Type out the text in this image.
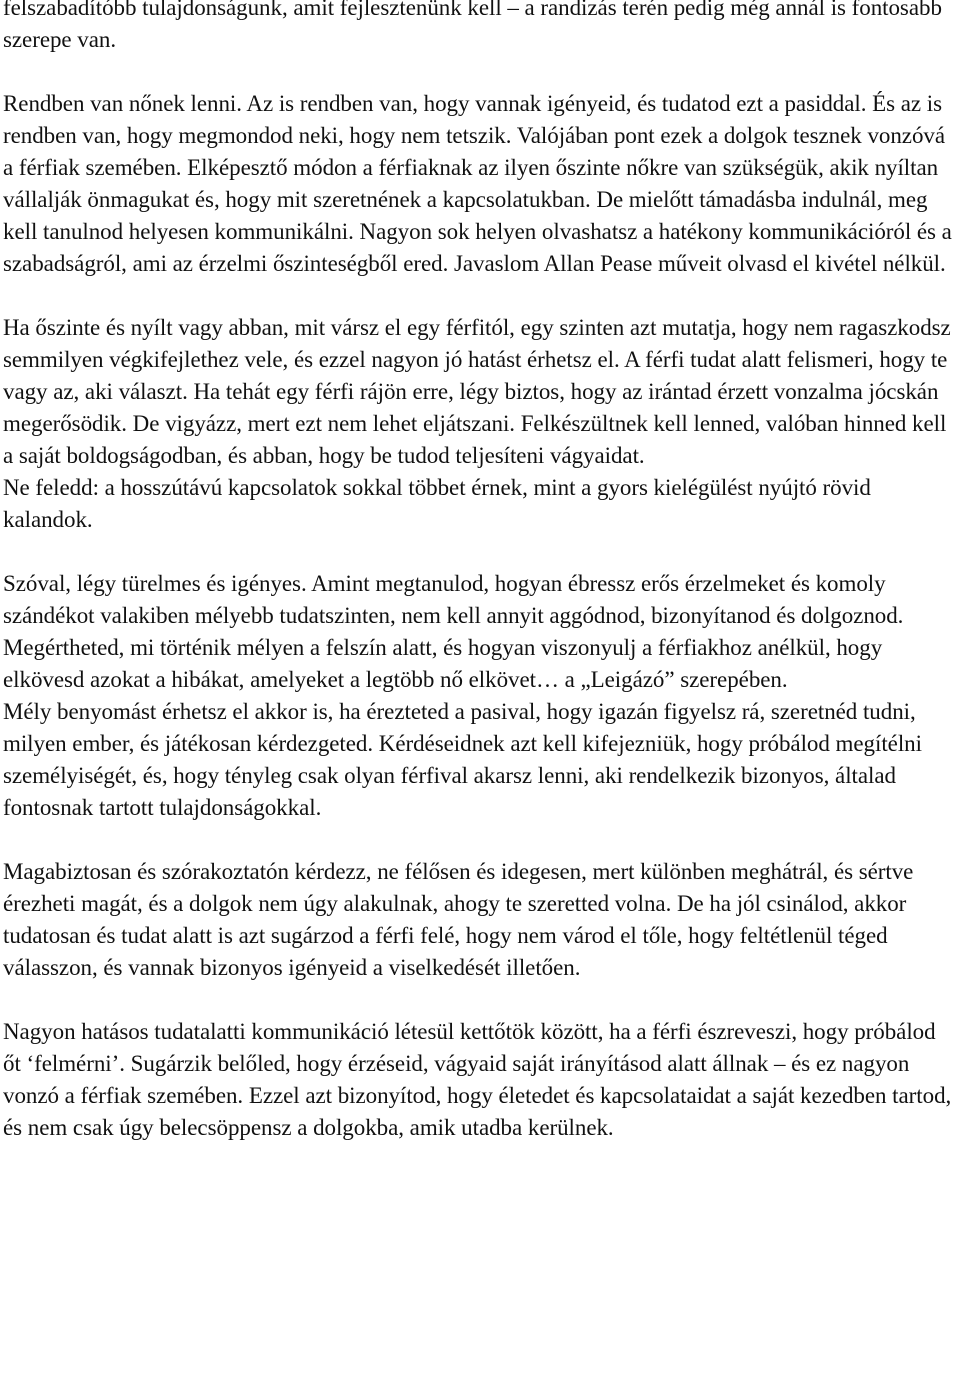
felszabadítóbb tulajdonságunk, amit fejlesztenünk kell – a randizás terén pedig még annál is fontosabb szerepe van.

Rendben van nőnek lenni. Az is rendben van, hogy vannak igényeid, és tudatod ezt a pasiddal. És az is rendben van, hogy megmondod neki, hogy nem tetszik. Valójában pont ezek a dolgok tesznek vonzóvá a férfiak szemében. Elképesztő módon a férfiaknak az ilyen őszinte nőkre van szükségük, akik nyíltan vállalják önmagukat és, hogy mit szeretnének a kapcsolatukban. De mielőtt támadásba indulnál, meg kell tanulnod helyesen kommunikálni. Nagyon sok helyen olvashatsz a hatékony kommunikációról és a szabadságról, ami az érzelmi őszinteségből ered. Javaslom Allan Pease műveit olvasd el kivétel nélkül.

Ha őszinte és nyílt vagy abban, mit vársz el egy férfitól, egy szinten azt mutatja, hogy nem ragaszkodsz semmilyen végkifejlethez vele, és ezzel nagyon jó hatást érhetsz el. A férfi tudat alatt felismeri, hogy te vagy az, aki választ. Ha tehát egy férfi rájön erre, légy biztos, hogy az irántad érzett vonzalma jócskán megerősödik. De vigyázz, mert ezt nem lehet eljátszani. Felkészültnek kell lenned, valóban hinned kell a saját boldogságodban, és abban, hogy be tudod teljesíteni vágyaidat.

Ne feledd: a hosszútávú kapcsolatok sokkal többet érnek, mint a gyors kielégülést nyújtó rövid kalandok.

Szóval, légy türelmes és igényes. Amint megtanulod, hogyan ébressz erős érzelmeket és komoly szándékot valakiben mélyebb tudatszinten, nem kell annyit aggódnod, bizonyítanod és dolgoznod. Megértheted, mi történik mélyen a felszín alatt, és hogyan viszonyulj a férfiakhoz anélkül, hogy elkövesd azokat a hibákat, amelyeket a legtöbb nő elkövet… a „Leigázó” szerepében.

Mély benyomást érhetsz el akkor is, ha érezteted a pasival, hogy igazán figyelsz rá, szeretnéd tudni, milyen ember, és játékosan kérdezgeted. Kérdéseidnek azt kell kifejezniük, hogy próbálod megítélni személyiségét, és, hogy tényleg csak olyan férfival akarsz lenni, aki rendelkezik bizonyos, általad fontosnak tartott tulajdonságokkal.

Magabiztosan és szórakoztatón kérdezz, ne félősen és idegesen, mert különben meghátrál, és sértve érezheti magát, és a dolgok nem úgy alakulnak, ahogy te szeretted volna. De ha jól csinálod, akkor tudatosan és tudat alatt is azt sugárzod a férfi felé, hogy nem várod el tőle, hogy feltétlenül téged válasszon, és vannak bizonyos igényeid a viselkedését illetően.

Nagyon hatásos tudatalatti kommunikáció létesül kettőtök között, ha a férfi észreveszi, hogy próbálod őt ‘felmérni’. Sugárzik belőled, hogy érzéseid, vágyaid saját irányításod alatt állnak – és ez nagyon vonzó a férfiak szemében. Ezzel azt bizonyítod, hogy életedet és kapcsolataidat a saját kezedben tartod, és nem csak úgy belecsöppensz a dolgokba, amik utadba kerülnek.
